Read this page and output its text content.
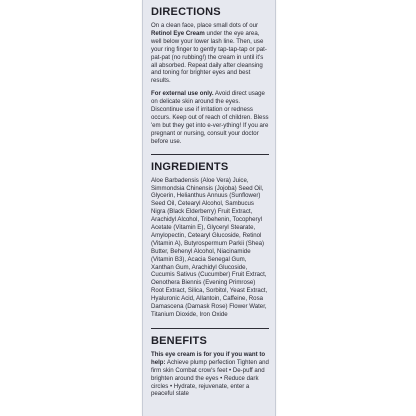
DIRECTIONS

On a clean face, place small dots of our Retinol Eye Cream under the eye area, well below your lower lash line. Then, use your ring finger to gently tap-tap-tap or pat-pat-pat (no rubbing!) the cream in until it's all absorbed. Repeat daily after cleansing and toning for brighter eyes and best results.

For external use only. Avoid direct usage on delicate skin around the eyes. Discontinue use if irritation or redness occurs. Keep out of reach of children. Bless 'em but they get into e-ver-ything! If you are pregnant or nursing, consult your doctor before use.

INGREDIENTS

Aloe Barbadensis (Aloe Vera) Juice, Simmondsia Chinensis (Jojoba) Seed Oil, Glycerin, Helianthus Annuus (Sunflower) Seed Oil, Cetearyl Alcohol, Sambucus Nigra (Black Elderberry) Fruit Extract, Arachidyl Alcohol, Tribehenin, Tocopheryl Acetate (Vitamin E), Glyceryl Stearate, Amylopectin, Cetearyl Glucoside, Retinol (Vitamin A), Butyrospermum Parkii (Shea) Butter, Behenyl Alcohol, Niacinamide (Vitamin B3), Acacia Senegal Gum, Xanthan Gum, Arachidyl Glucoside, Cucumis Sativus (Cucumber) Fruit Extract, Oenothera Biennis (Evening Primrose) Root Extract, Silica, Sorbitol, Yeast Extract, Hyaluronic Acid, Allantoin, Caffeine, Rosa Damascena (Damask Rose) Flower Water, Titanium Dioxide, Iron Oxide

BENEFITS

This eye cream is for you if you want to help: Achieve plump perfection Tighten and firm skin Combat crow's feet • De-puff and brighten around the eyes • Reduce dark circles • Hydrate, rejuvenate, enter a peaceful state
